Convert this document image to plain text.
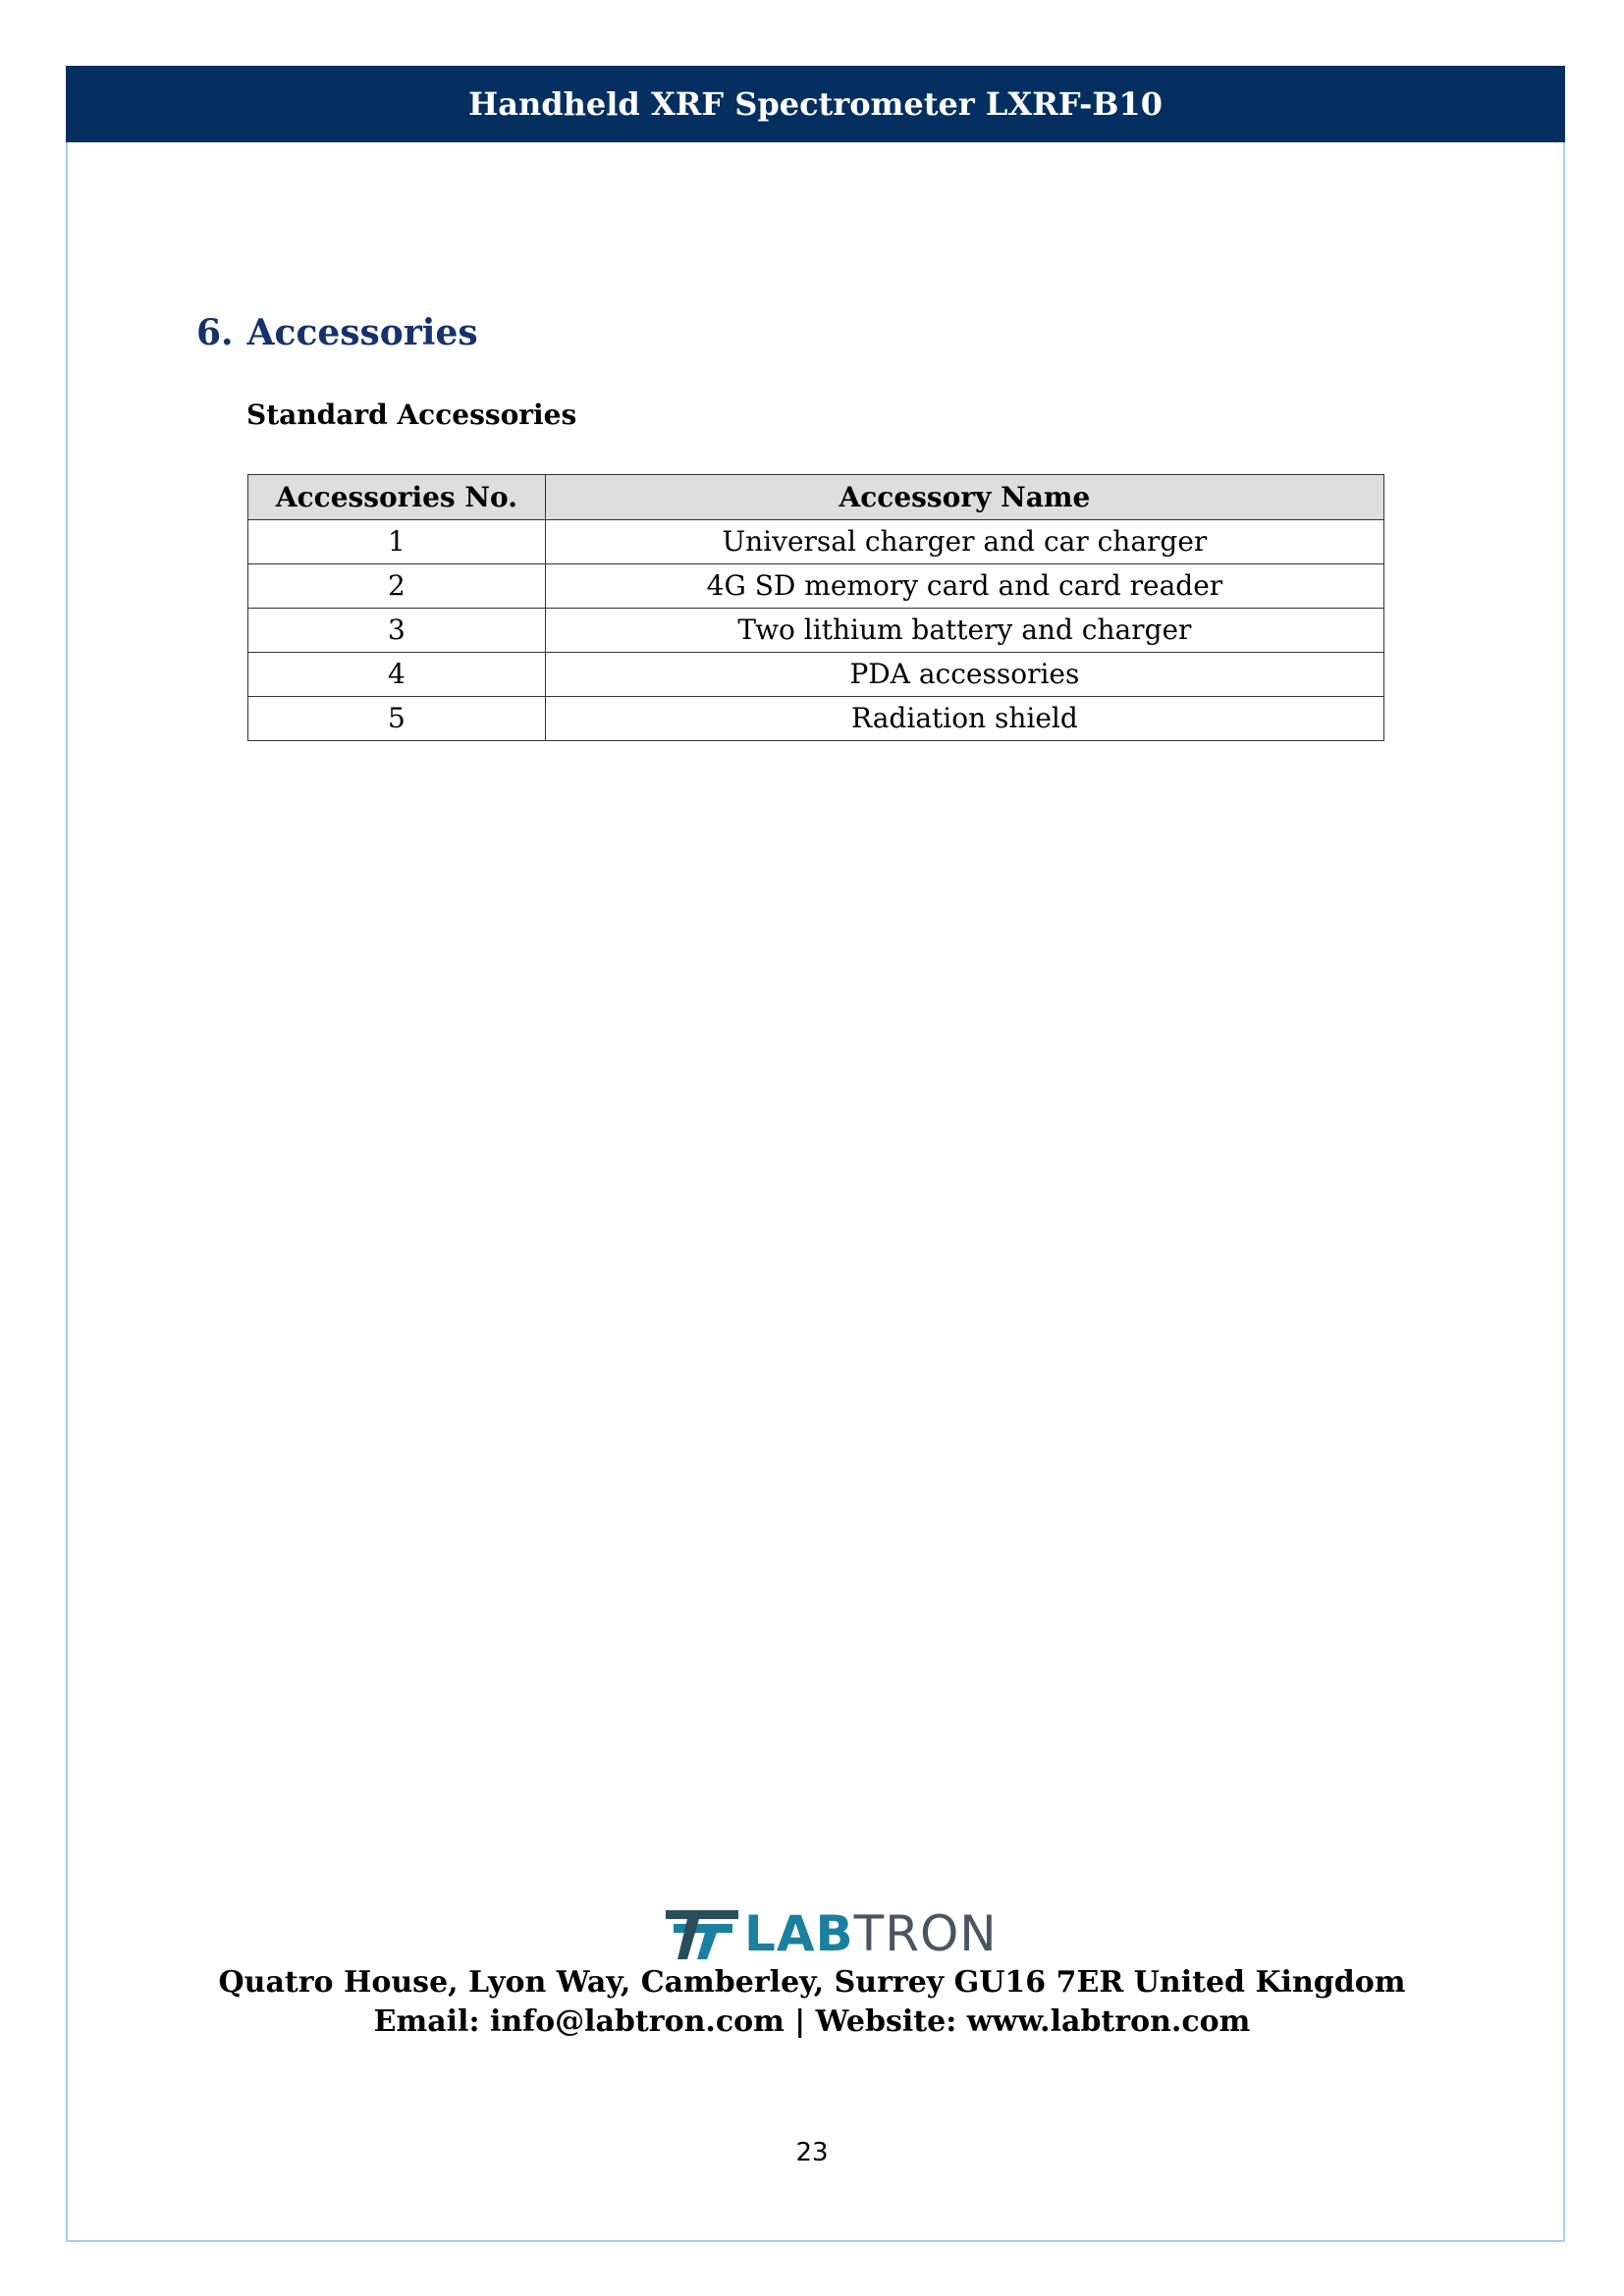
Handheld XRF Spectrometer LXRF-B10
6. Accessories
Standard Accessories
Accessories No.	Accessory Name
1	Universal charger and car charger
2	4G SD memory card and card reader
3	Two lithium battery and charger
4	PDA accessories
5	Radiation shield
LABTRON
Quatro House, Lyon Way, Camberley, Surrey GU16 7ER United Kingdom
Email: info@labtron.com | Website: www.labtron.com
23
